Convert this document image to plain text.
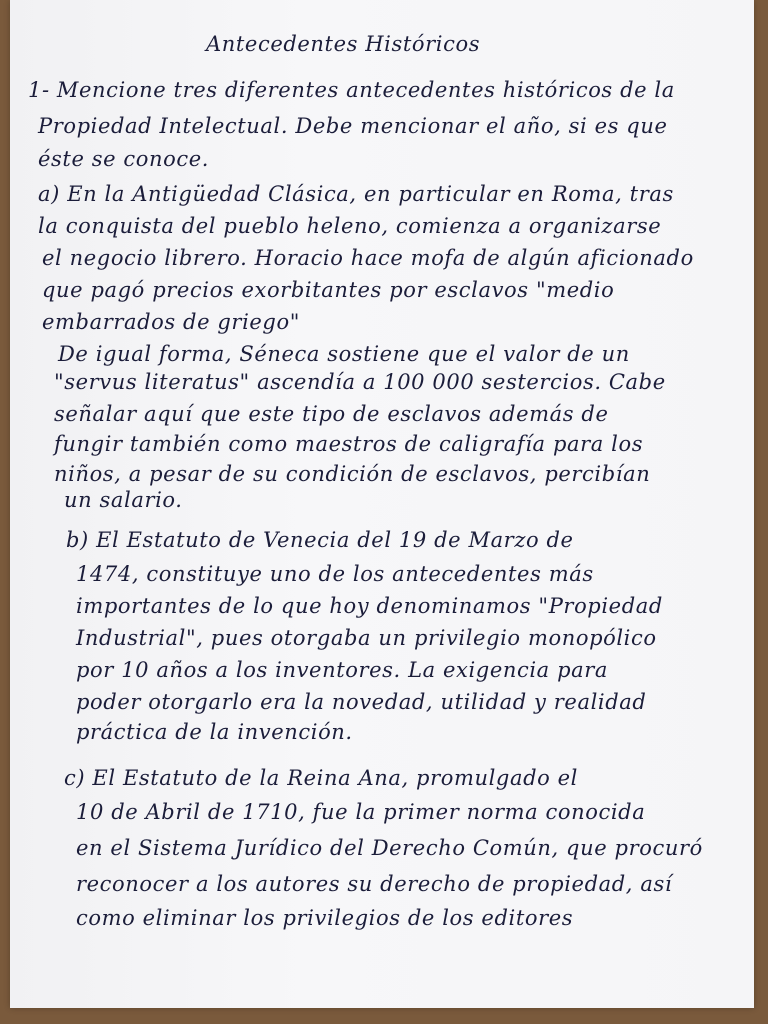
Antecedentes Históricos
1- Mencione tres diferentes antecedentes históricos de la
Propiedad Intelectual. Debe mencionar el año, si es que
éste se conoce.
a) En la Antigüedad Clásica, en particular en Roma, tras
la conquista del pueblo heleno, comienza a organizarse
el negocio librero. Horacio hace mofa de algún aficionado
que pagó precios exorbitantes por esclavos "medio
embarrados de griego"
De igual forma, Séneca sostiene que el valor de un
"servus literatus" ascendía a 100 000 sestercios. Cabe
señalar aquí que este tipo de esclavos además de
fungir también como maestros de caligrafía para los
niños, a pesar de su condición de esclavos, percibían
un salario.
b) El Estatuto de Venecia del 19 de Marzo de
1474, constituye uno de los antecedentes más
importantes de lo que hoy denominamos "Propiedad
Industrial", pues otorgaba un privilegio monopólico
por 10 años a los inventores. La exigencia para
poder otorgarlo era la novedad, utilidad y realidad
práctica de la invención.
c) El Estatuto de la Reina Ana, promulgado el
10 de Abril de 1710, fue la primer norma conocida
en el Sistema Jurídico del Derecho Común, que procuró
reconocer a los autores su derecho de propiedad, así
como eliminar los privilegios de los editores
